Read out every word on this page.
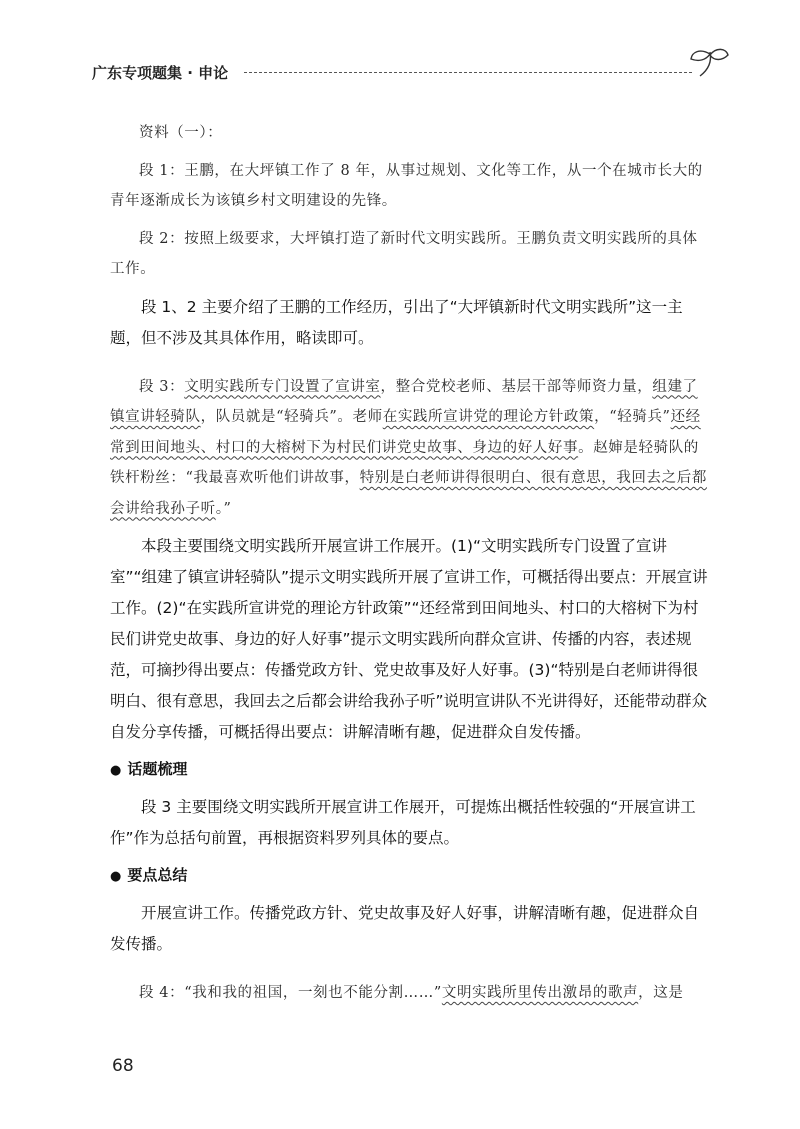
广东专项题集 · 申论

资料（一）：

段 1：王鹏，在大坪镇工作了 8 年，从事过规划、文化等工作，从一个在城市长大的青年逐渐成长为该镇乡村文明建设的先锋。

段 2：按照上级要求，大坪镇打造了新时代文明实践所。王鹏负责文明实践所的具体工作。

段 1、2 主要介绍了王鹏的工作经历，引出了“大坪镇新时代文明实践所”这一主题，但不涉及其具体作用，略读即可。

段 3：文明实践所专门设置了宣讲室，整合党校老师、基层干部等师资力量，组建了镇宣讲轻骑队，队员就是“轻骑兵”。老师在实践所宣讲党的理论方针政策，“轻骑兵”还经常到田间地头、村口的大榕树下为村民们讲党史故事、身边的好人好事。赵婶是轻骑队的铁杆粉丝：“我最喜欢听他们讲故事，特别是白老师讲得很明白、很有意思，我回去之后都会讲给我孙子听。”

本段主要围绕文明实践所开展宣讲工作展开。(1)“文明实践所专门设置了宣讲室”“组建了镇宣讲轻骑队”提示文明实践所开展了宣讲工作，可概括得出要点：开展宣讲工作。(2)“在实践所宣讲党的理论方针政策”“还经常到田间地头、村口的大榕树下为村民们讲党史故事、身边的好人好事”提示文明实践所向群众宣讲、传播的内容，表述规范，可摘抄得出要点：传播党政方针、党史故事及好人好事。(3)“特别是白老师讲得很明白、很有意思，我回去之后都会讲给我孙子听”说明宣讲队不光讲得好，还能带动群众自发分享传播，可概括得出要点：讲解清晰有趣，促进群众自发传播。

● 话题梳理

段 3 主要围绕文明实践所开展宣讲工作展开，可提炼出概括性较强的“开展宣讲工作”作为总括句前置，再根据资料罗列具体的要点。

● 要点总结

开展宣讲工作。传播党政方针、党史故事及好人好事，讲解清晰有趣，促进群众自发传播。

段 4：“我和我的祖国，一刻也不能分割……”文明实践所里传出激昂的歌声，这是

68
